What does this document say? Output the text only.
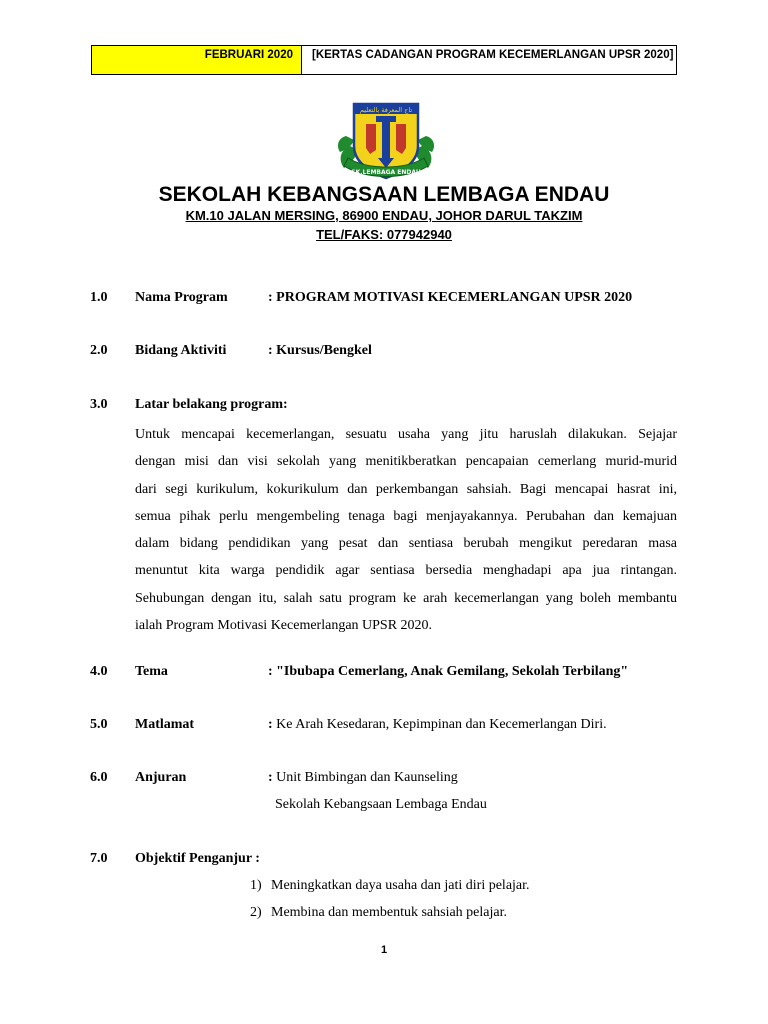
FEBRUARI 2020 [KERTAS CADANGAN PROGRAM KECEMERLANGAN UPSR 2020]
تاج المعرفة بالتعليم
SK.LEMBAGA ENDAU
SEKOLAH KEBANGSAAN LEMBAGA ENDAU
KM.10 JALAN MERSING, 86900 ENDAU, JOHOR DARUL TAKZIM
TEL/FAKS: 077942940
1.0 Nama Program	: PROGRAM MOTIVASI KECEMERLANGAN UPSR 2020
2.0 Bidang Aktiviti	: Kursus/Bengkel
3.0 Latar belakang program:
Untuk mencapai kecemerlangan, sesuatu usaha yang jitu haruslah dilakukan. Sejajar
dengan misi dan visi sekolah yang menitikberatkan pencapaian cemerlang murid-murid
dari segi kurikulum, kokurikulum dan perkembangan sahsiah. Bagi mencapai hasrat ini,
semua pihak perlu mengembeling tenaga bagi menjayakannya. Perubahan dan kemajuan
dalam bidang pendidikan yang pesat dan sentiasa berubah mengikut peredaran masa
menuntut kita warga pendidik agar sentiasa bersedia menghadapi apa jua rintangan.
Sehubungan dengan itu, salah satu program ke arah kecemerlangan yang boleh membantu
ialah Program Motivasi Kecemerlangan UPSR 2020.
4.0 Tema	: "Ibubapa Cemerlang, Anak Gemilang, Sekolah Terbilang"
5.0 Matlamat	: Ke Arah Kesedaran, Kepimpinan dan Kecemerlangan Diri.
6.0 Anjuran	: Unit Bimbingan dan Kaunseling
Sekolah Kebangsaan Lembaga Endau
7.0 Objektif Penganjur :
1) Meningkatkan daya usaha dan jati diri pelajar.
2) Membina dan membentuk sahsiah pelajar.
1
